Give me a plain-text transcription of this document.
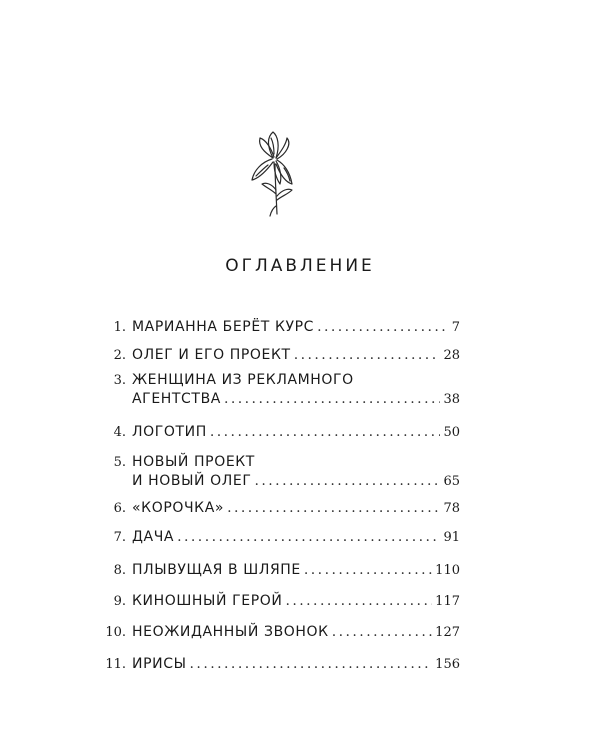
ОГЛАВЛЕНИЕ
1. МАРИАННА БЕРЁТ КУРС . . .	7
2. ОЛЕГ И ЕГО ПРОЕКТ . . .	28
3. ЖЕНЩИНА ИЗ РЕКЛАМНОГО
АГЕНТСТВА . . .	38
4. ЛОГОТИП . . .	50
5. НОВЫЙ ПРОЕКТ
И НОВЫЙ ОЛЕГ . . .	65
6. «КОРОЧКА» . . .	78
7. ДАЧА . . .	91
8. ПЛЫВУЩАЯ В ШЛЯПЕ . . .	110
9. КИНОШНЫЙ ГЕРОЙ . . .	117
10. НЕОЖИДАННЫЙ ЗВОНОК . . .	127
11. ИРИСЫ . . .	156
